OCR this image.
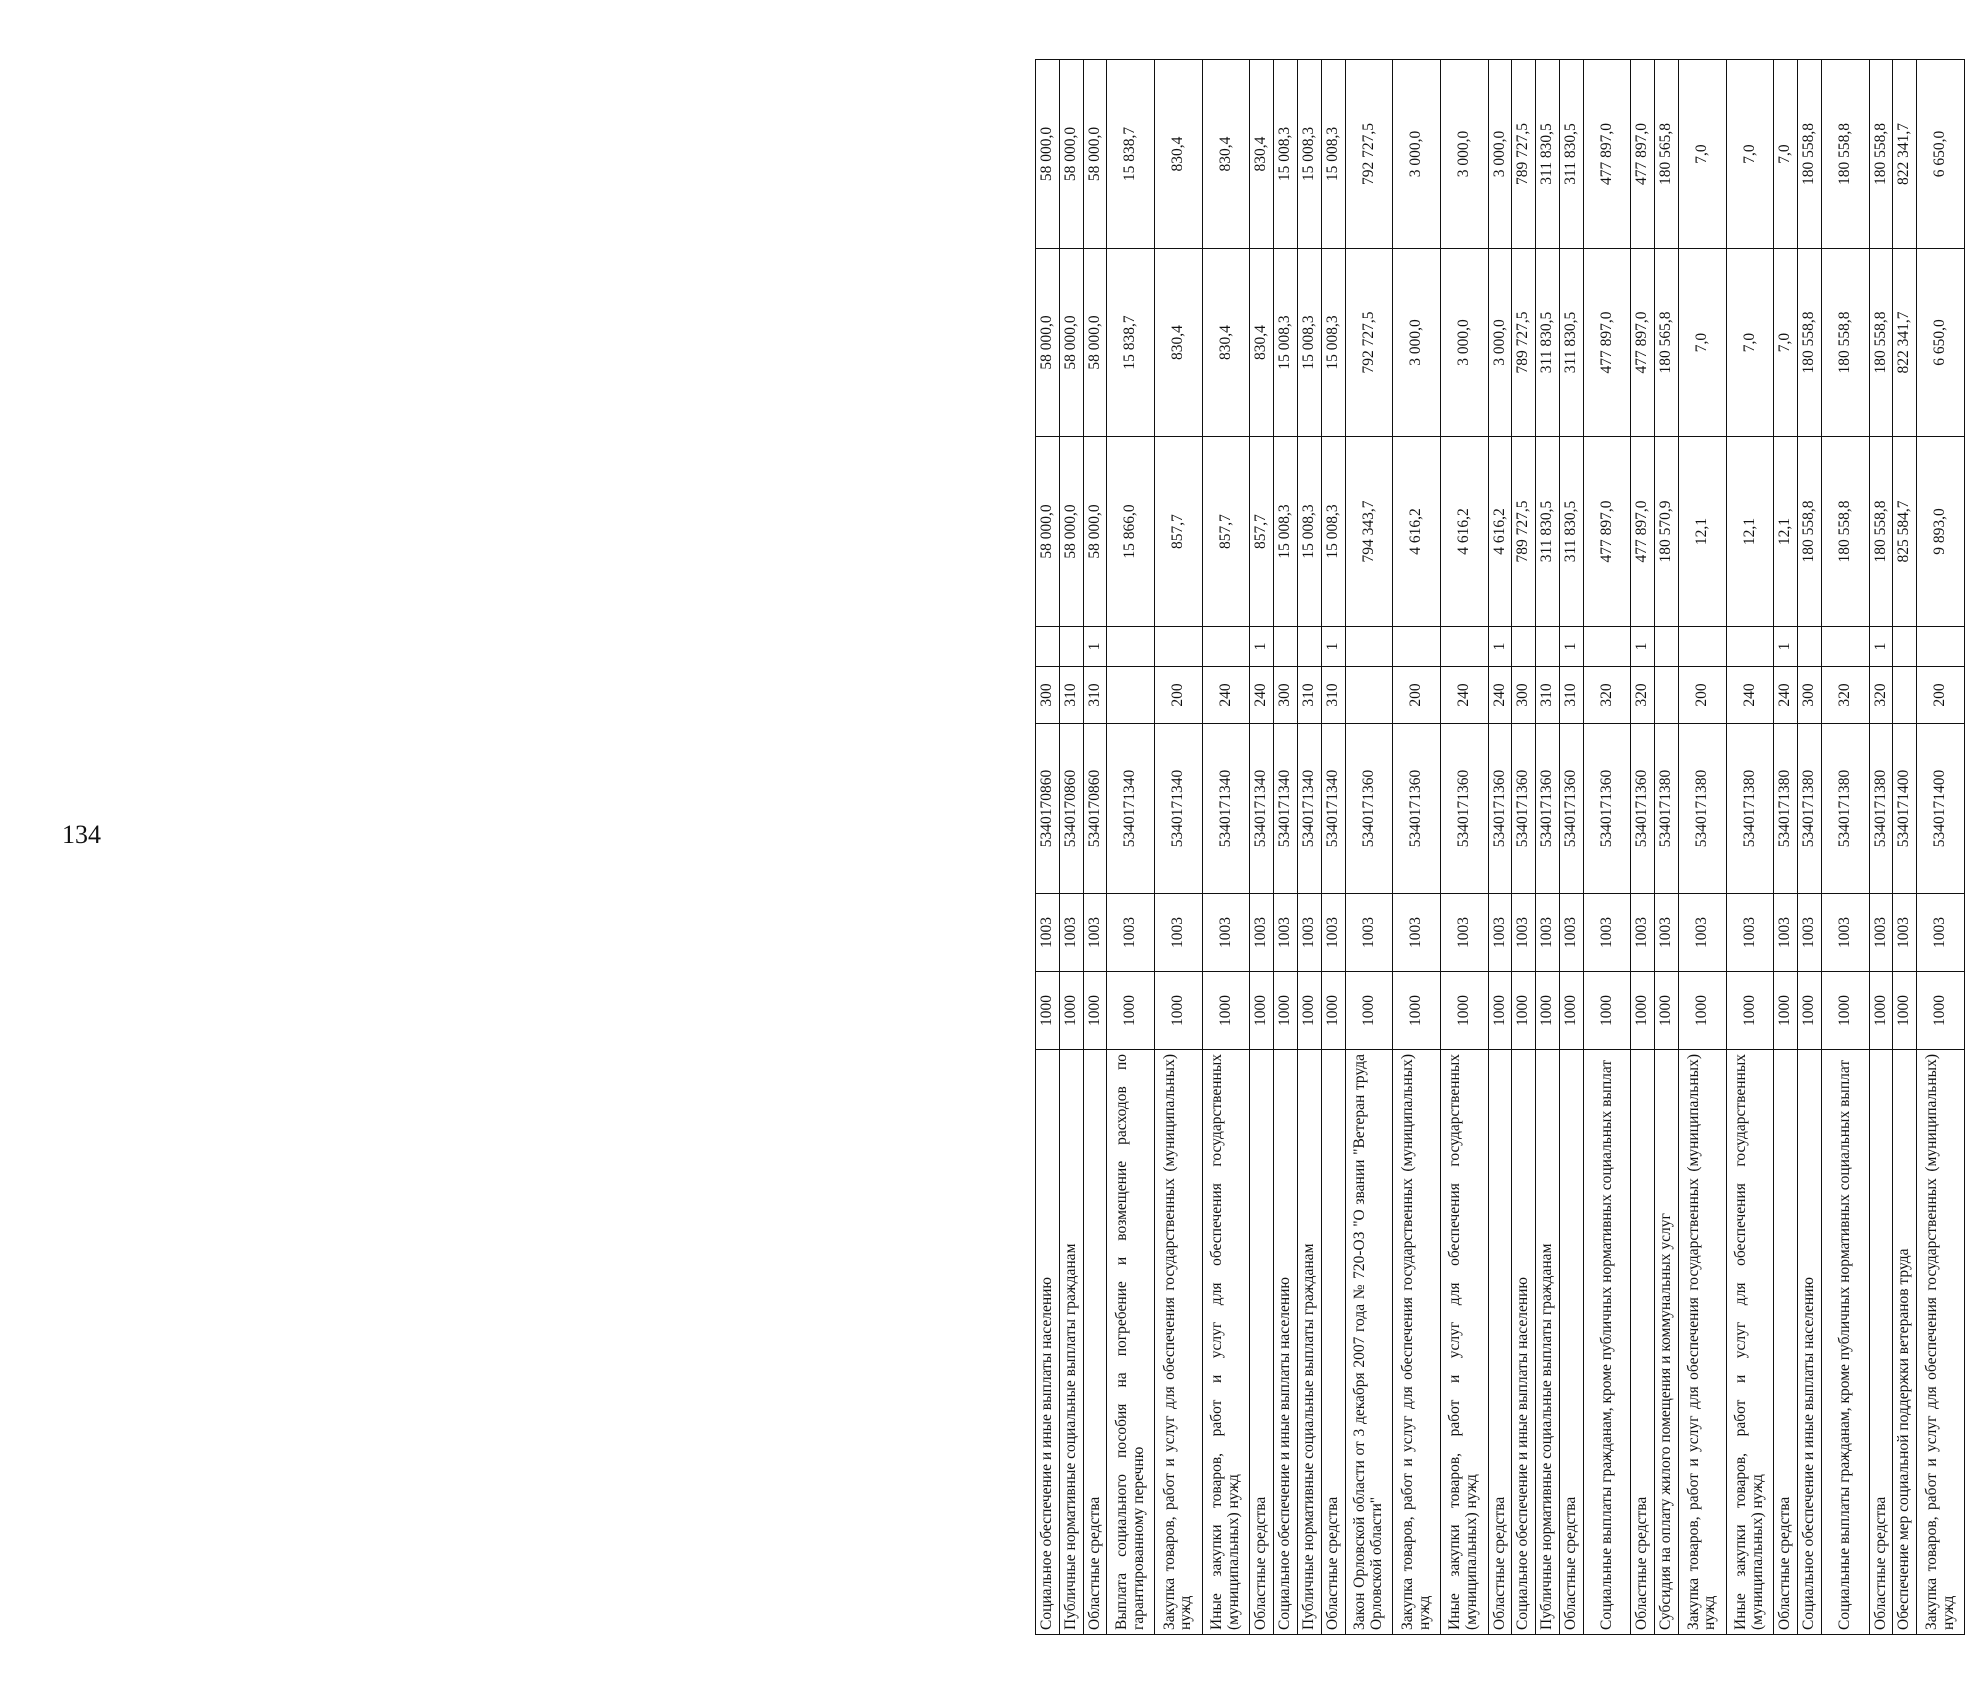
134
Социальное обеспечение и иные выплаты населению	1000	1003	5340170860	300		58 000,0	58 000,0	58 000,0
Публичные нормативные социальные выплаты гражданам	1000	1003	5340170860	310		58 000,0	58 000,0	58 000,0
Областные средства	1000	1003	5340170860	310	1	58 000,0	58 000,0	58 000,0
Выплата социального пособия на погребение и возмещение расходов по гарантированному перечню	1000	1003	5340171340			15 866,0	15 838,7	15 838,7
Закупка товаров, работ и услуг для обеспечения государственных (муниципальных) нужд	1000	1003	5340171340	200		857,7	830,4	830,4
Иные закупки товаров, работ и услуг для обеспечения государственных (муниципальных) нужд	1000	1003	5340171340	240		857,7	830,4	830,4
Областные средства	1000	1003	5340171340	240	1	857,7	830,4	830,4
Социальное обеспечение и иные выплаты населению	1000	1003	5340171340	300		15 008,3	15 008,3	15 008,3
Публичные нормативные социальные выплаты гражданам	1000	1003	5340171340	310		15 008,3	15 008,3	15 008,3
Областные средства	1000	1003	5340171340	310	1	15 008,3	15 008,3	15 008,3
Закон Орловской области от 3 декабря 2007 года № 720-ОЗ "О звании "Ветеран труда Орловской области"	1000	1003	5340171360			794 343,7	792 727,5	792 727,5
Закупка товаров, работ и услуг для обеспечения государственных (муниципальных) нужд	1000	1003	5340171360	200		4 616,2	3 000,0	3 000,0
Иные закупки товаров, работ и услуг для обеспечения государственных (муниципальных) нужд	1000	1003	5340171360	240		4 616,2	3 000,0	3 000,0
Областные средства	1000	1003	5340171360	240	1	4 616,2	3 000,0	3 000,0
Социальное обеспечение и иные выплаты населению	1000	1003	5340171360	300		789 727,5	789 727,5	789 727,5
Публичные нормативные социальные выплаты гражданам	1000	1003	5340171360	310		311 830,5	311 830,5	311 830,5
Областные средства	1000	1003	5340171360	310	1	311 830,5	311 830,5	311 830,5
Социальные выплаты гражданам, кроме публичных нормативных социальных выплат	1000	1003	5340171360	320		477 897,0	477 897,0	477 897,0
Областные средства	1000	1003	5340171360	320	1	477 897,0	477 897,0	477 897,0
Субсидия на оплату жилого помещения и коммунальных услуг	1000	1003	5340171380			180 570,9	180 565,8	180 565,8
Закупка товаров, работ и услуг для обеспечения государственных (муниципальных) нужд	1000	1003	5340171380	200		12,1	7,0	7,0
Иные закупки товаров, работ и услуг для обеспечения государственных (муниципальных) нужд	1000	1003	5340171380	240		12,1	7,0	7,0
Областные средства	1000	1003	5340171380	240	1	12,1	7,0	7,0
Социальное обеспечение и иные выплаты населению	1000	1003	5340171380	300		180 558,8	180 558,8	180 558,8
Социальные выплаты гражданам, кроме публичных нормативных социальных выплат	1000	1003	5340171380	320		180 558,8	180 558,8	180 558,8
Областные средства	1000	1003	5340171380	320	1	180 558,8	180 558,8	180 558,8
Обеспечение мер социальной поддержки ветеранов труда	1000	1003	5340171400			825 584,7	822 341,7	822 341,7
Закупка товаров, работ и услуг для обеспечения государственных (муниципальных) нужд	1000	1003	5340171400	200		9 893,0	6 650,0	6 650,0
